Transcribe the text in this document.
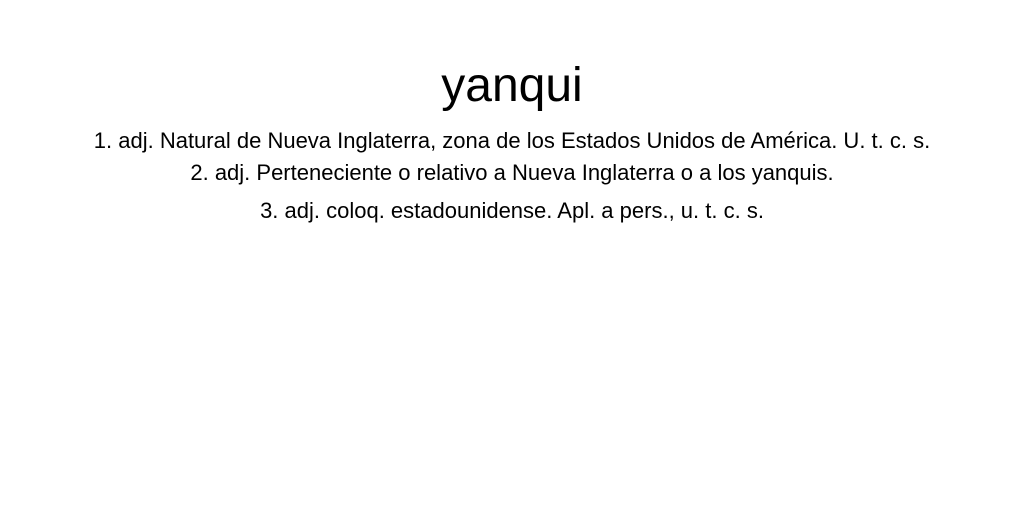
yanqui
1. adj. Natural de Nueva Inglaterra, zona de los Estados Unidos de América. U. t. c. s.
2. adj. Perteneciente o relativo a Nueva Inglaterra o a los yanquis.
3. adj. coloq. estadounidense. Apl. a pers., u. t. c. s.
